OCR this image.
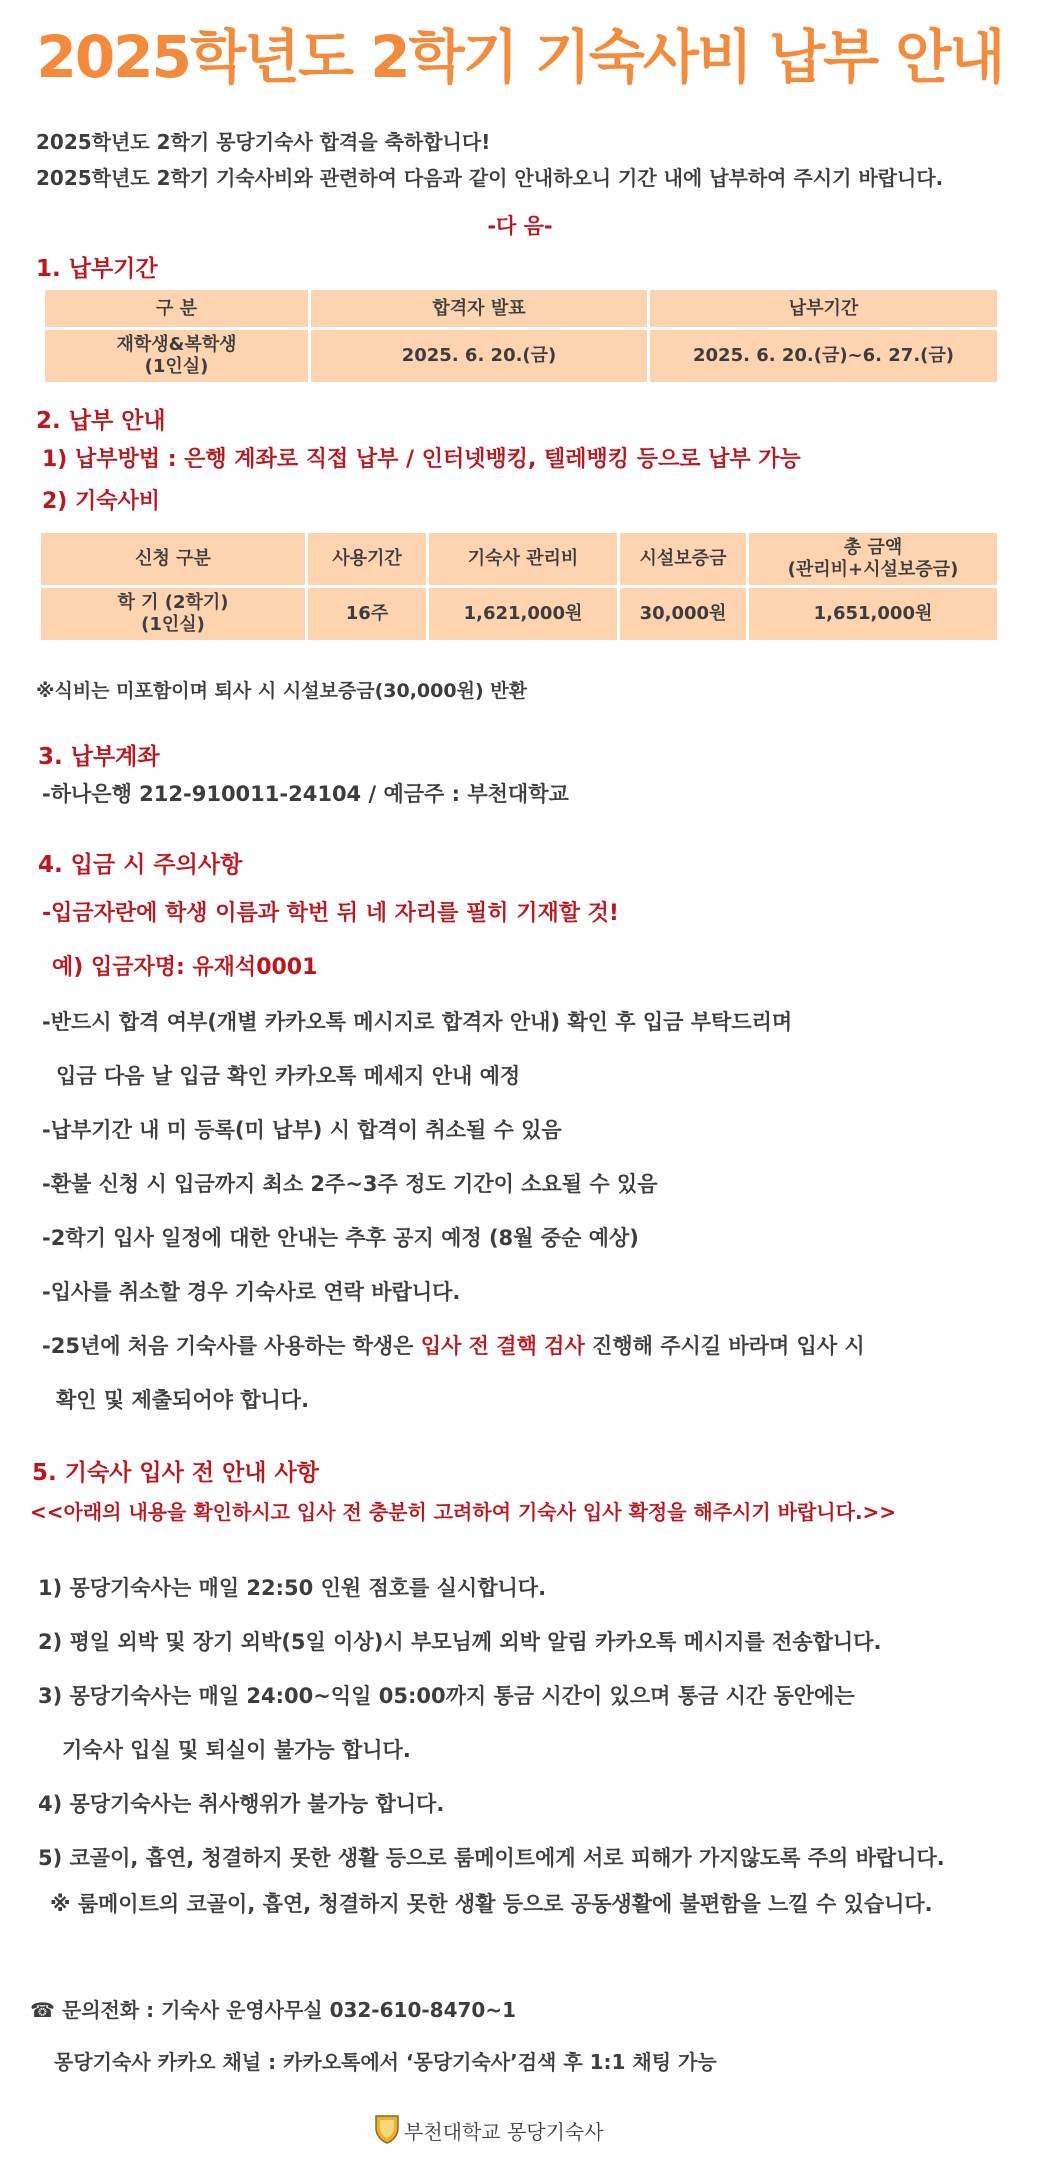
2025학년도 2학기 기숙사비 납부 안내
2025학년도 2학기 몽당기숙사 합격을 축하합니다!
2025학년도 2학기 기숙사비와 관련하여 다음과 같이 안내하오니 기간 내에 납부하여 주시기 바랍니다.
-다 음-
1. 납부기간
구 분	합격자 발표	납부기간

재학생&복학생
(1인실)	2025. 6. 20.(금)	2025. 6. 20.(금)~6. 27.(금)
2. 납부 안내
1) 납부방법 : 은행 계좌로 직접 납부 / 인터넷뱅킹, 텔레뱅킹 등으로 납부 가능
2) 기숙사비
신청 구분	사용기간	기숙사 관리비	시설보증금	총 금액
(관리비+시설보증금)

학 기 (2학기)
(1인실)	16주	1,621,000원	30,000원	1,651,000원
※식비는 미포함이며 퇴사 시 시설보증금(30,000원) 반환
3. 납부계좌
-하나은행 212-910011-24104 / 예금주 : 부천대학교
4. 입금 시 주의사항
-입금자란에 학생 이름과 학번 뒤 네 자리를 필히 기재할 것!
예) 입금자명: 유재석0001
-반드시 합격 여부(개별 카카오톡 메시지로 합격자 안내) 확인 후 입금 부탁드리며
입금 다음 날 입금 확인 카카오톡 메세지 안내 예정
-납부기간 내 미 등록(미 납부) 시 합격이 취소될 수 있음
-환불 신청 시 입금까지 최소 2주~3주 정도 기간이 소요될 수 있음
-2학기 입사 일정에 대한 안내는 추후 공지 예정 (8월 중순 예상)
-입사를 취소할 경우 기숙사로 연락 바랍니다.
-25년에 처음 기숙사를 사용하는 학생은 입사 전 결핵 검사 진행해 주시길 바라며 입사 시
확인 및 제출되어야 합니다.
5. 기숙사 입사 전 안내 사항
<<아래의 내용을 확인하시고 입사 전 충분히 고려하여 기숙사 입사 확정을 해주시기 바랍니다.>>
1) 몽당기숙사는 매일 22:50 인원 점호를 실시합니다.
2) 평일 외박 및 장기 외박(5일 이상)시 부모님께 외박 알림 카카오톡 메시지를 전송합니다.
3) 몽당기숙사는 매일 24:00~익일 05:00까지 통금 시간이 있으며 통금 시간 동안에는
기숙사 입실 및 퇴실이 불가능 합니다.
4) 몽당기숙사는 취사행위가 불가능 합니다.
5) 코골이, 흡연, 청결하지 못한 생활 등으로 룸메이트에게 서로 피해가 가지않도록 주의 바랍니다.
※ 룸메이트의 코골이, 흡연, 청결하지 못한 생활 등으로 공동생활에 불편함을 느낄 수 있습니다.
☎ 문의전화 : 기숙사 운영사무실 032-610-8470~1
몽당기숙사 카카오 채널 : 카카오톡에서 ‘몽당기숙사’검색 후 1:1 채팅 가능
부천대학교 몽당기숙사
